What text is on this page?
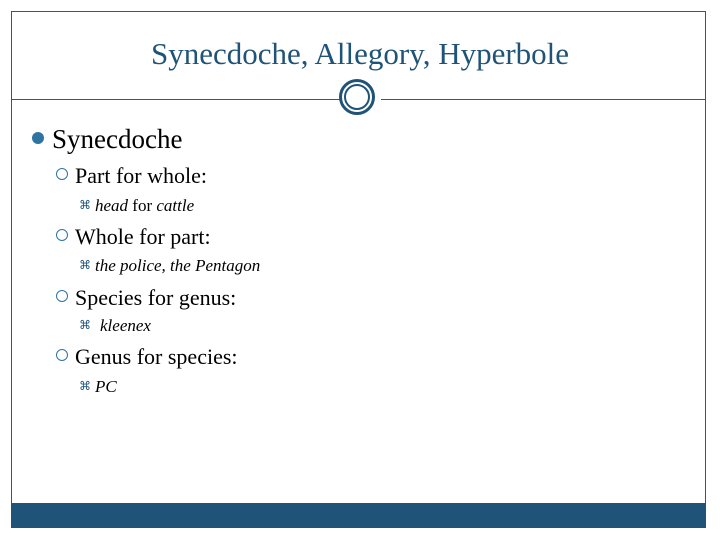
Synecdoche, Allegory, Hyperbole
Synecdoche
Part for whole:
⌘ head for cattle
Whole for part:
⌘ the police, the Pentagon
Species for genus:
⌘ kleenex
Genus for species:
⌘ PC
